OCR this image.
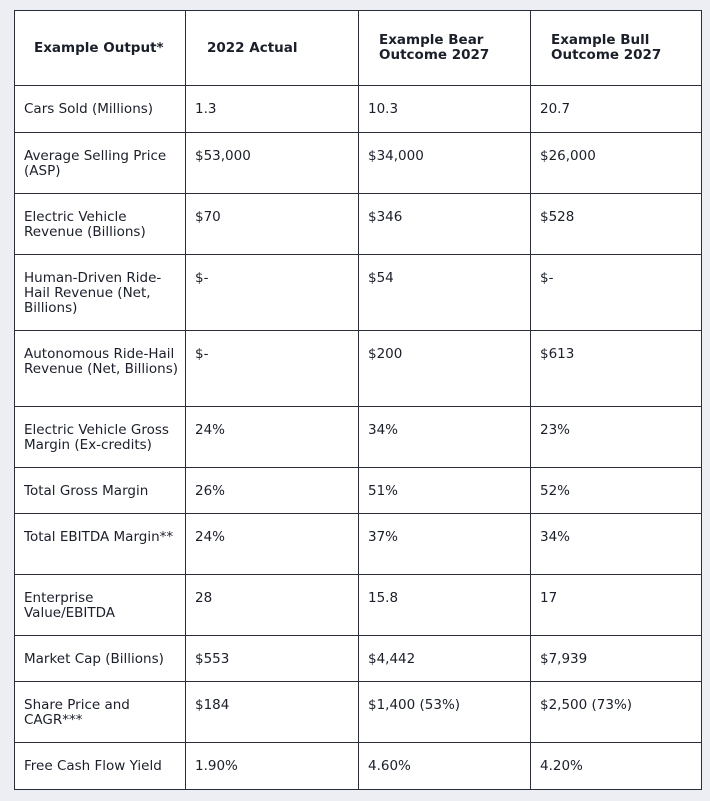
Example Output*	2022 Actual	Example Bear Outcome 2027	Example Bull Outcome 2027
Cars Sold (Millions)	1.3	10.3	20.7
Average Selling Price (ASP)	$53,000	$34,000	$26,000
Electric Vehicle Revenue (Billions)	$70	$346	$528
Human-Driven Ride-Hail Revenue (Net, Billions)	$-	$54	$-
Autonomous Ride-Hail Revenue (Net, Billions)	$-	$200	$613
Electric Vehicle Gross Margin (Ex-credits)	24%	34%	23%
Total Gross Margin	26%	51%	52%
Total EBITDA Margin**	24%	37%	34%
Enterprise Value/EBITDA	28	15.8	17
Market Cap (Billions)	$553	$4,442	$7,939
Share Price and CAGR***	$184	$1,400 (53%)	$2,500 (73%)
Free Cash Flow Yield	1.90%	4.60%	4.20%
